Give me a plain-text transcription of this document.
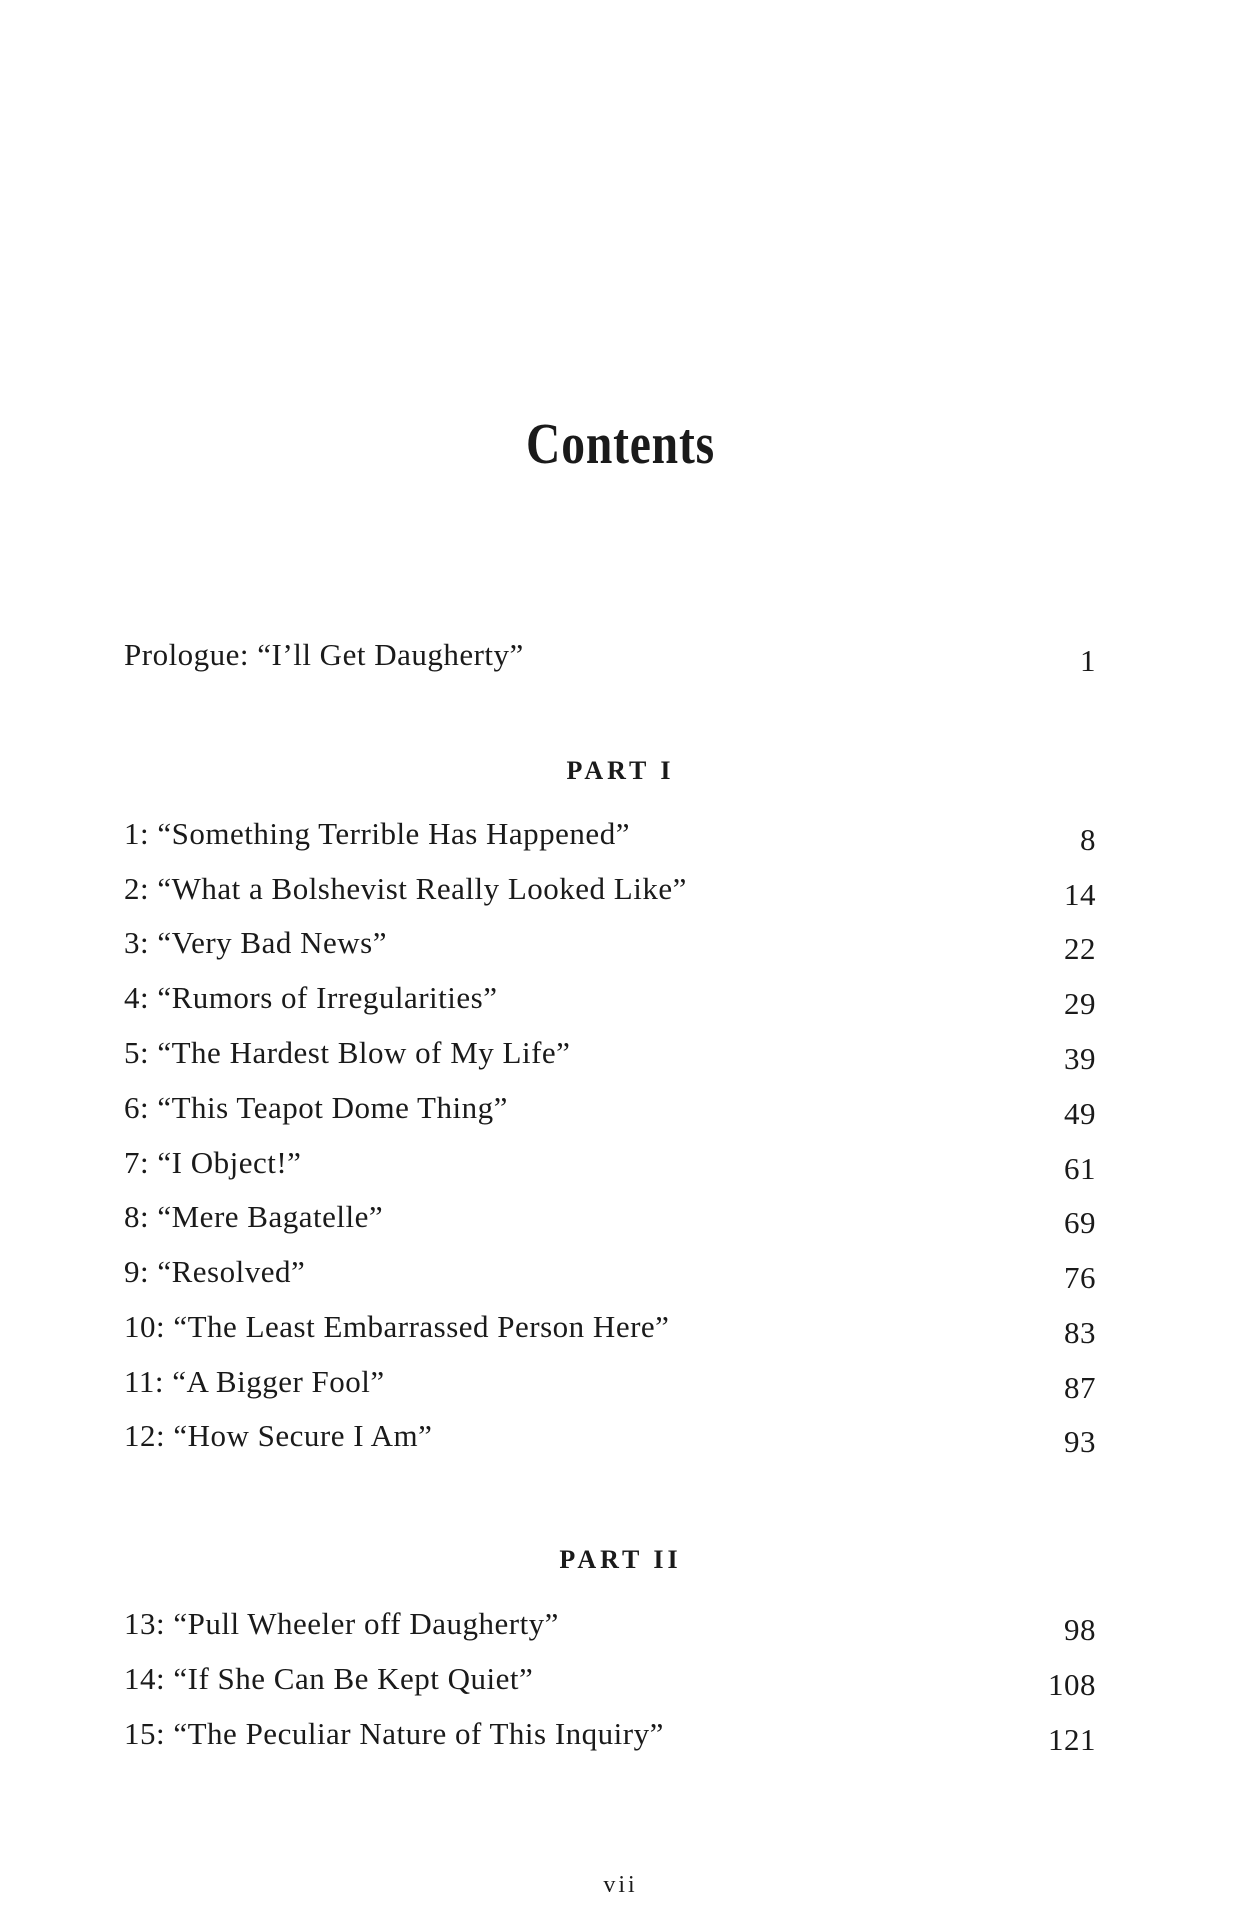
Contents
Prologue: “I’ll Get Daugherty”	1
PART I
1: “Something Terrible Has Happened”	8
2: “What a Bolshevist Really Looked Like”	14
3: “Very Bad News”	22
4: “Rumors of Irregularities”	29
5: “The Hardest Blow of My Life”	39
6: “This Teapot Dome Thing”	49
7: “I Object!”	61
8: “Mere Bagatelle”	69
9: “Resolved”	76
10: “The Least Embarrassed Person Here”	83
11: “A Bigger Fool”	87
12: “How Secure I Am”	93
PART II
13: “Pull Wheeler off Daugherty”	98
14: “If She Can Be Kept Quiet”	108
15: “The Peculiar Nature of This Inquiry”	121
vii
